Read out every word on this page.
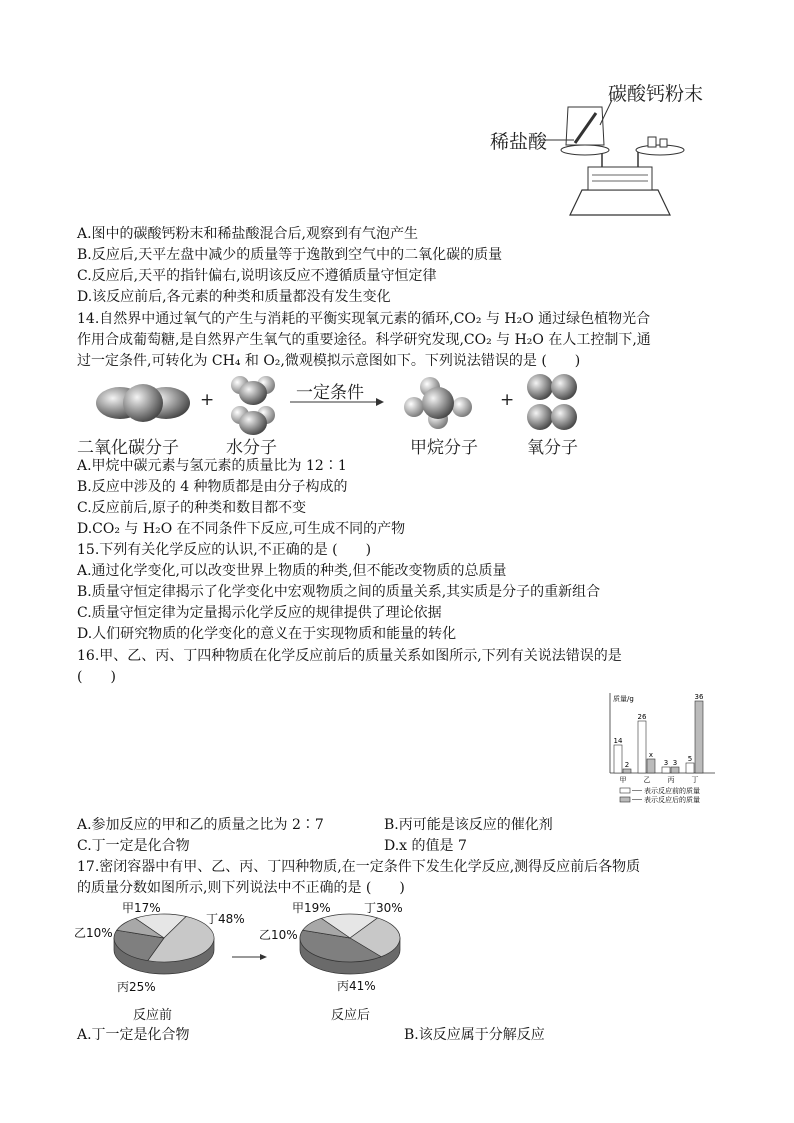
碳酸钙粉末
稀盐酸
A.图中的碳酸钙粉末和稀盐酸混合后,观察到有气泡产生
B.反应后,天平左盘中减少的质量等于逸散到空气中的二氧化碳的质量
C.反应后,天平的指针偏右,说明该反应不遵循质量守恒定律
D.该反应前后,各元素的种类和质量都没有发生变化
14.自然界中通过氧气的产生与消耗的平衡实现氧元素的循环,CO₂ 与 H₂O 通过绿色植物光合
作用合成葡萄糖,是自然界产生氧气的重要途径。科学研究发现,CO₂ 与 H₂O 在人工控制下,通
过一定条件,可转化为 CH₄ 和 O₂,微观模拟示意图如下。下列说法错误的是 (　　)
+	+
一定条件
二氧化碳分子	水分子	甲烷分子	氧分子
A.甲烷中碳元素与氢元素的质量比为 12∶1
B.反应中涉及的 4 种物质都是由分子构成的
C.反应前后,原子的种类和数目都不变
D.CO₂ 与 H₂O 在不同条件下反应,可生成不同的产物
15.下列有关化学反应的认识,不正确的是 (　　)
A.通过化学变化,可以改变世界上物质的种类,但不能改变物质的总质量
B.质量守恒定律揭示了化学变化中宏观物质之间的质量关系,其实质是分子的重新组合
C.质量守恒定律为定量揭示化学反应的规律提供了理论依据
D.人们研究物质的化学变化的意义在于实现物质和能量的转化
16.甲、乙、丙、丁四种物质在化学反应前后的质量关系如图所示,下列有关说法错误的是
(　　)
质量/g
14
2
甲
26
x
乙
3 3
丙
5
36
丁
表示反应前的质量
表示反应后的质量
A.参加反应的甲和乙的质量之比为 2∶7	B.丙可能是该反应的催化剂
C.丁一定是化合物	D.x 的值是 7
17.密闭容器中有甲、乙、丙、丁四种物质,在一定条件下发生化学反应,测得反应前后各物质
的质量分数如图所示,则下列说法中不正确的是 (　　)
甲17%
丁48%
乙10%
丙25%
反应前
甲19%	丁30%
乙10%
丙41%
反应后
A.丁一定是化合物	B.该反应属于分解反应
